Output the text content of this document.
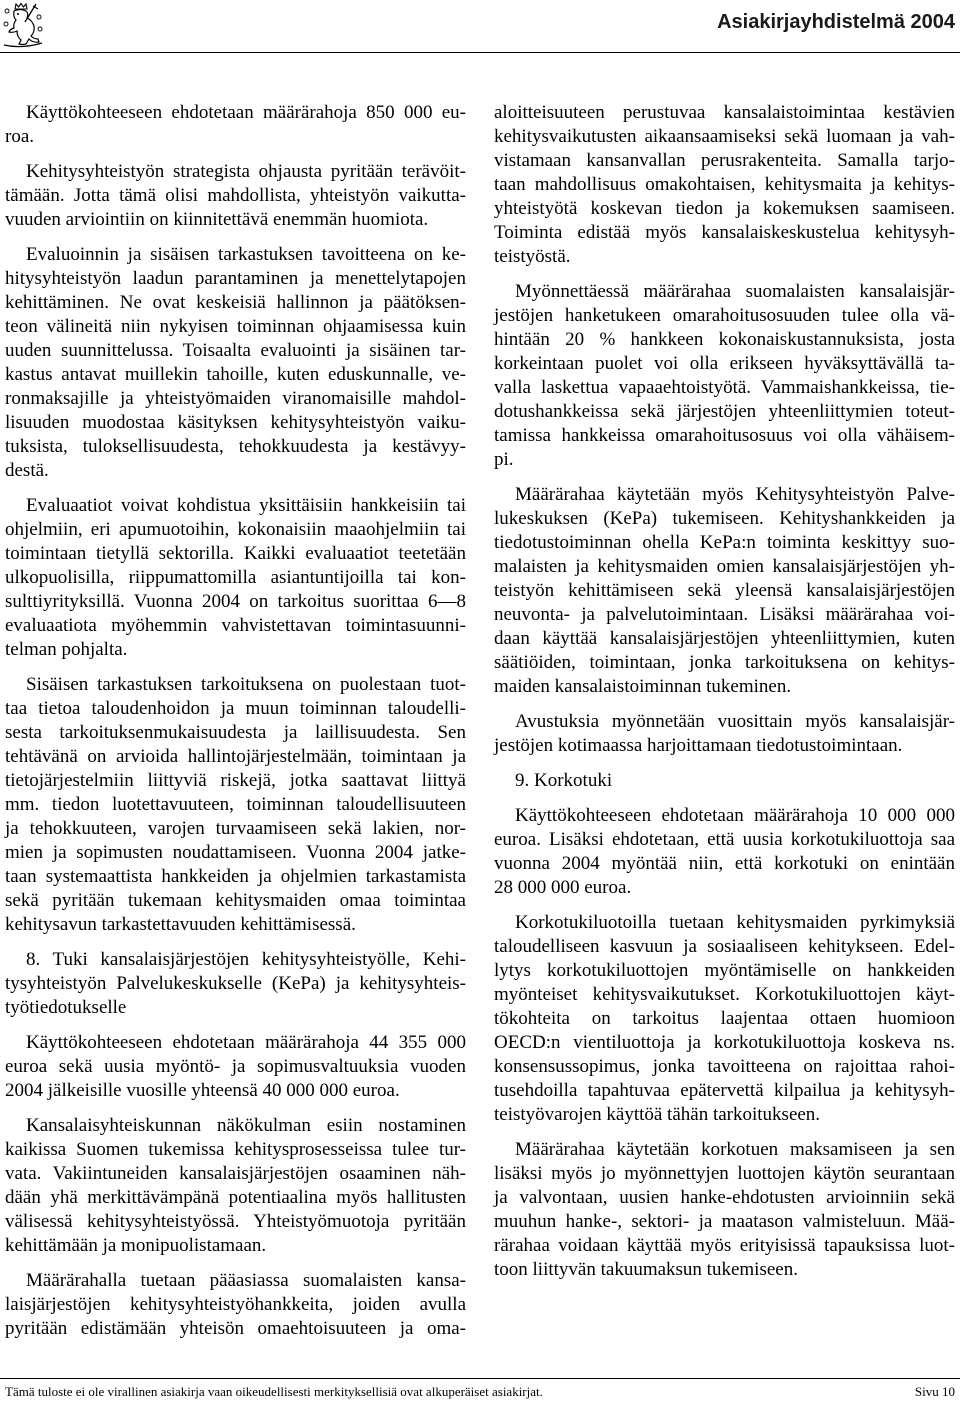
Asiakirjayhdistelmä 2004
Käyttökohteeseen ehdotetaan määrärahoja 850 000 eu-
roa.
Kehitysyhteistyön strategista ohjausta pyritään terävöit-
tämään. Jotta tämä olisi mahdollista, yhteistyön vaikutta-
vuuden arviointiin on kiinnitettävä enemmän huomiota.
Evaluoinnin ja sisäisen tarkastuksen tavoitteena on ke-
hitysyhteistyön laadun parantaminen ja menettelytapojen
kehittäminen. Ne ovat keskeisiä hallinnon ja päätöksen-
teon välineitä niin nykyisen toiminnan ohjaamisessa kuin
uuden suunnittelussa. Toisaalta evaluointi ja sisäinen tar-
kastus antavat muillekin tahoille, kuten eduskunnalle, ve-
ronmaksajille ja yhteistyömaiden viranomaisille mahdol-
lisuuden muodostaa käsityksen kehitysyhteistyön vaiku-
tuksista, tuloksellisuudesta, tehokkuudesta ja kestävyy-
destä.
Evaluaatiot voivat kohdistua yksittäisiin hankkeisiin tai
ohjelmiin, eri apumuotoihin, kokonaisiin maaohjelmiin tai
toimintaan tietyllä sektorilla. Kaikki evaluaatiot teetetään
ulkopuolisilla, riippumattomilla asiantuntijoilla tai kon-
sulttiyrityksillä. Vuonna 2004 on tarkoitus suorittaa 6—8
evaluaatiota myöhemmin vahvistettavan toimintasuunni-
telman pohjalta.
Sisäisen tarkastuksen tarkoituksena on puolestaan tuot-
taa tietoa taloudenhoidon ja muun toiminnan taloudelli-
sesta tarkoituksenmukaisuudesta ja laillisuudesta. Sen
tehtävänä on arvioida hallintojärjestelmään, toimintaan ja
tietojärjestelmiin liittyviä riskejä, jotka saattavat liittyä
mm. tiedon luotettavuuteen, toiminnan taloudellisuuteen
ja tehokkuuteen, varojen turvaamiseen sekä lakien, nor-
mien ja sopimusten noudattamiseen. Vuonna 2004 jatke-
taan systemaattista hankkeiden ja ohjelmien tarkastamista
sekä pyritään tukemaan kehitysmaiden omaa toimintaa
kehitysavun tarkastettavuuden kehittämisessä.
8. Tuki kansalaisjärjestöjen kehitysyhteistyölle, Kehi-
tysyhteistyön Palvelukeskukselle (KePa) ja kehitysyhteis-
työtiedotukselle
Käyttökohteeseen ehdotetaan määrärahoja 44 355 000
euroa sekä uusia myöntö- ja sopimusvaltuuksia vuoden
2004 jälkeisille vuosille yhteensä 40 000 000 euroa.
Kansalaisyhteiskunnan näkökulman esiin nostaminen
kaikissa Suomen tukemissa kehitysprosesseissa tulee tur-
vata. Vakiintuneiden kansalaisjärjestöjen osaaminen näh-
dään yhä merkittävämpänä potentiaalina myös hallitusten
välisessä kehitysyhteistyössä. Yhteistyömuotoja pyritään
kehittämään ja monipuolistamaan.
Määrärahalla tuetaan pääasiassa suomalaisten kansa-
laisjärjestöjen kehitysyhteistyöhankkeita, joiden avulla
pyritään edistämään yhteisön omaehtoisuuteen ja oma-
aloitteisuuteen perustuvaa kansalaistoimintaa kestävien
kehitysvaikutusten aikaansaamiseksi sekä luomaan ja vah-
vistamaan kansanvallan perusrakenteita. Samalla tarjo-
taan mahdollisuus omakohtaisen, kehitysmaita ja kehitys-
yhteistyötä koskevan tiedon ja kokemuksen saamiseen.
Toiminta edistää myös kansalaiskeskustelua kehitysyh-
teistyöstä.
Myönnettäessä määrärahaa suomalaisten kansalaisjär-
jestöjen hanketukeen omarahoitusosuuden tulee olla vä-
hintään 20 % hankkeen kokonaiskustannuksista, josta
korkeintaan puolet voi olla erikseen hyväksyttävällä ta-
valla laskettua vapaaehtoistyötä. Vammaishankkeissa, tie-
dotushankkeissa sekä järjestöjen yhteenliittymien toteut-
tamissa hankkeissa omarahoitusosuus voi olla vähäisem-
pi.
Määrärahaa käytetään myös Kehitysyhteistyön Palve-
lukeskuksen (KePa) tukemiseen. Kehityshankkeiden ja
tiedotustoiminnan ohella KePa:n toiminta keskittyy suo-
malaisten ja kehitysmaiden omien kansalaisjärjestöjen yh-
teistyön kehittämiseen sekä yleensä kansalaisjärjestöjen
neuvonta- ja palvelutoimintaan. Lisäksi määrärahaa voi-
daan käyttää kansalaisjärjestöjen yhteenliittymien, kuten
säätiöiden, toimintaan, jonka tarkoituksena on kehitys-
maiden kansalaistoiminnan tukeminen.
Avustuksia myönnetään vuosittain myös kansalaisjär-
jestöjen kotimaassa harjoittamaan tiedotustoimintaan.
9. Korkotuki
Käyttökohteeseen ehdotetaan määrärahoja 10 000 000
euroa. Lisäksi ehdotetaan, että uusia korkotukiluottoja saa
vuonna 2004 myöntää niin, että korkotuki on enintään
28 000 000 euroa.
Korkotukiluotoilla tuetaan kehitysmaiden pyrkimyksiä
taloudelliseen kasvuun ja sosiaaliseen kehitykseen. Edel-
lytys korkotukiluottojen myöntämiselle on hankkeiden
myönteiset kehitysvaikutukset. Korkotukiluottojen käyt-
tökohteita on tarkoitus laajentaa ottaen huomioon
OECD:n vientiluottoja ja korkotukiluottoja koskeva ns.
konsensussopimus, jonka tavoitteena on rajoittaa rahoi-
tusehdoilla tapahtuvaa epätervettä kilpailua ja kehitysyh-
teistyövarojen käyttöä tähän tarkoitukseen.
Määrärahaa käytetään korkotuen maksamiseen ja sen
lisäksi myös jo myönnettyjen luottojen käytön seurantaan
ja valvontaan, uusien hanke-ehdotusten arvioinniin sekä
muuhun hanke-, sektori- ja maatason valmisteluun. Mää-
rärahaa voidaan käyttää myös erityisissä tapauksissa luot-
toon liittyvän takuumaksun tukemiseen.
Tämä tuloste ei ole virallinen asiakirja vaan oikeudellisesti merkityksellisiä ovat alkuperäiset asiakirjat.	Sivu 10
